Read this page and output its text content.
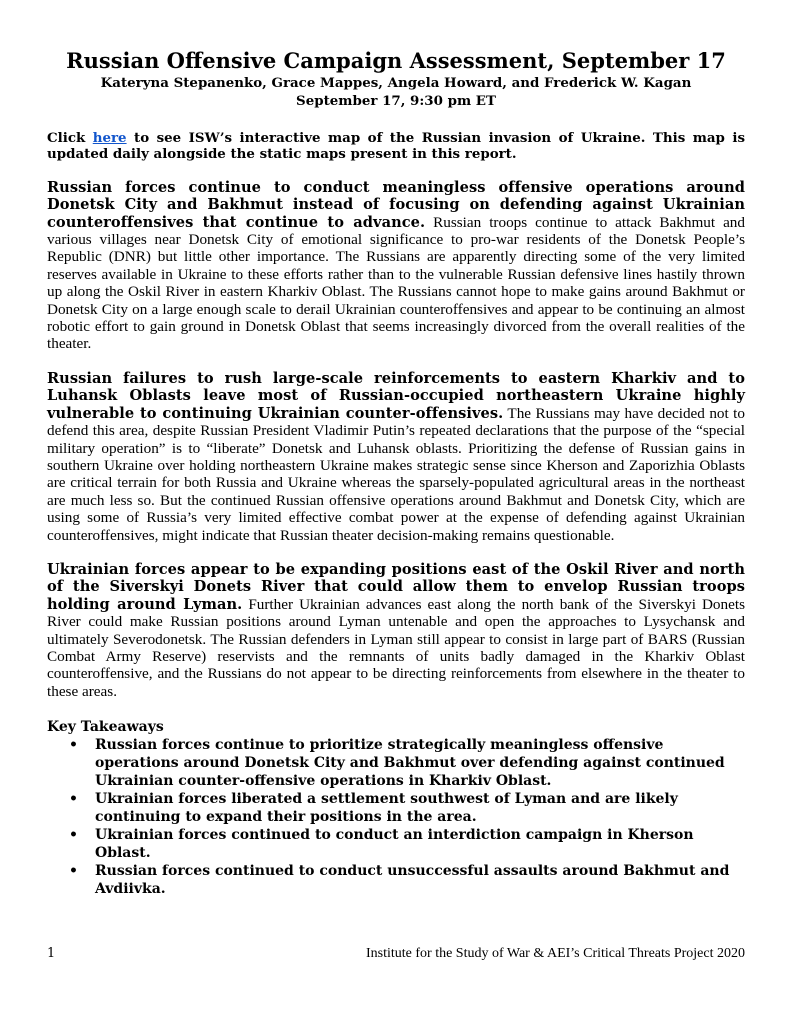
Russian Offensive Campaign Assessment, September 17
Kateryna Stepanenko, Grace Mappes, Angela Howard, and Frederick W. Kagan
September 17, 9:30 pm ET

Click here to see ISW’s interactive map of the Russian invasion of Ukraine. This map is updated daily alongside the static maps present in this report.

Russian forces continue to conduct meaningless offensive operations around Donetsk City and Bakhmut instead of focusing on defending against Ukrainian counteroffensives that continue to advance. Russian troops continue to attack Bakhmut and various villages near Donetsk City of emotional significance to pro-war residents of the Donetsk People’s Republic (DNR) but little other importance. The Russians are apparently directing some of the very limited reserves available in Ukraine to these efforts rather than to the vulnerable Russian defensive lines hastily thrown up along the Oskil River in eastern Kharkiv Oblast. The Russians cannot hope to make gains around Bakhmut or Donetsk City on a large enough scale to derail Ukrainian counteroffensives and appear to be continuing an almost robotic effort to gain ground in Donetsk Oblast that seems increasingly divorced from the overall realities of the theater.

Russian failures to rush large-scale reinforcements to eastern Kharkiv and to Luhansk Oblasts leave most of Russian-occupied northeastern Ukraine highly vulnerable to continuing Ukrainian counter-offensives. The Russians may have decided not to defend this area, despite Russian President Vladimir Putin’s repeated declarations that the purpose of the “special military operation” is to “liberate” Donetsk and Luhansk oblasts. Prioritizing the defense of Russian gains in southern Ukraine over holding northeastern Ukraine makes strategic sense since Kherson and Zaporizhia Oblasts are critical terrain for both Russia and Ukraine whereas the sparsely-populated agricultural areas in the northeast are much less so. But the continued Russian offensive operations around Bakhmut and Donetsk City, which are using some of Russia’s very limited effective combat power at the expense of defending against Ukrainian counteroffensives, might indicate that Russian theater decision-making remains questionable.

Ukrainian forces appear to be expanding positions east of the Oskil River and north of the Siverskyi Donets River that could allow them to envelop Russian troops holding around Lyman. Further Ukrainian advances east along the north bank of the Siverskyi Donets River could make Russian positions around Lyman untenable and open the approaches to Lysychansk and ultimately Severodonetsk. The Russian defenders in Lyman still appear to consist in large part of BARS (Russian Combat Army Reserve) reservists and the remnants of units badly damaged in the Kharkiv Oblast counteroffensive, and the Russians do not appear to be directing reinforcements from elsewhere in the theater to these areas.

Key Takeaways
• Russian forces continue to prioritize strategically meaningless offensive operations around Donetsk City and Bakhmut over defending against continued Ukrainian counter-offensive operations in Kharkiv Oblast.
• Ukrainian forces liberated a settlement southwest of Lyman and are likely continuing to expand their positions in the area.
• Ukrainian forces continued to conduct an interdiction campaign in Kherson Oblast.
• Russian forces continued to conduct unsuccessful assaults around Bakhmut and Avdiivka.
1	Institute for the Study of War & AEI’s Critical Threats Project 2020
